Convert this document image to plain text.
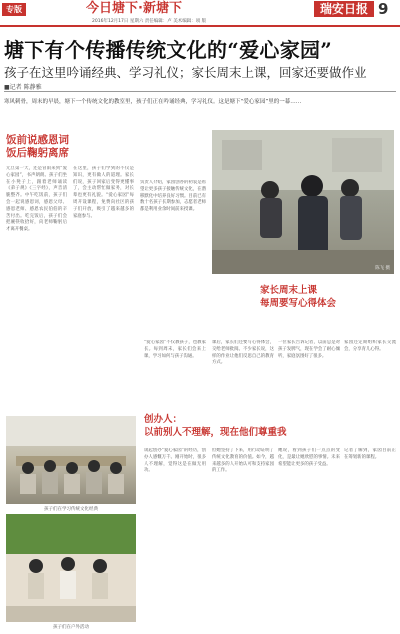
专版	今日塘下·新塘下	瑞安日报 9
2016年12月17日 星期六 责任编辑：卢 美术编辑：项 版
塘下有个传播传统文化的“爱心家园”
孩子在这里吟诵经典、学习礼仪；家长周末上课，回家还要做作业
■记者 陈静雅
寒风刺骨，周末的早晨，塘下一个传统文化的教室里，孩子们正在吟诵经典，学习礼仪。这是塘下“爱心家园”里的一幕……
饭前说感恩词
饭后鞠躬离席
元旦第一天，还是冒雨来到“爱心家园”，书声朗朗。孩子们坐在小凳子上，跟着老师诵读《弟子规》《三字经》，声音清脆整齐。中午吃饭前，孩子们会一起说感恩词，感恩父母、感恩老师、感恩农民伯伯的辛苦付出。吃完饭后，孩子们会把碗筷收拾好，向老师鞠躬后才离开餐桌。
在这里，孩子们学到的不仅是知识，更有做人的道理。家长们说，孩子回家后变得更懂事了，会主动帮忙做家务，对长辈也更有礼貌。“爱心家园”每周开设课程，免费向社区的孩子们开放，吸引了越来越多的家庭参与。
负责人介绍，家园创办的初衷是希望让更多孩子接触传统文化，在潜移默化中培养良好习惯。目前已有数十名孩子长期参加，志愿者老师都是利用业余时间前来授课。
陈飞 摄
家长周末上课
每周要写心得体会
“爱心家园”不仅教孩子，也教家长。每到周末，家长们会来上课，学习如何与孩子沟通。
课后，家长们还要写心得体会，交给老师批阅。不少家长说，这样的作业让他们反思自己的教育方式。
一位家长告诉记者，以前总是对孩子发脾气，现在学会了耐心倾听，家庭氛围好了很多。
家园还定期组织家长交流会，分享育儿心得。
创办人：
以前别人不理解，现在他们尊重我
谈起创办“爱心家园”的经历，创办人感慨万千。刚开始时，很多人不理解，觉得这是在做无用功。
但她坚持了下来，用行动证明了传统文化教育的价值。如今，越来越多的人开始认可和支持家园的工作。
她说，看到孩子们一点点的变化，是最让她欣慰的事情。未来希望能让更多的孩子受益。
记者了解到，家园目前正在筹划新的课程。
孩子们在学习传统文化经典
孩子们在户外活动
